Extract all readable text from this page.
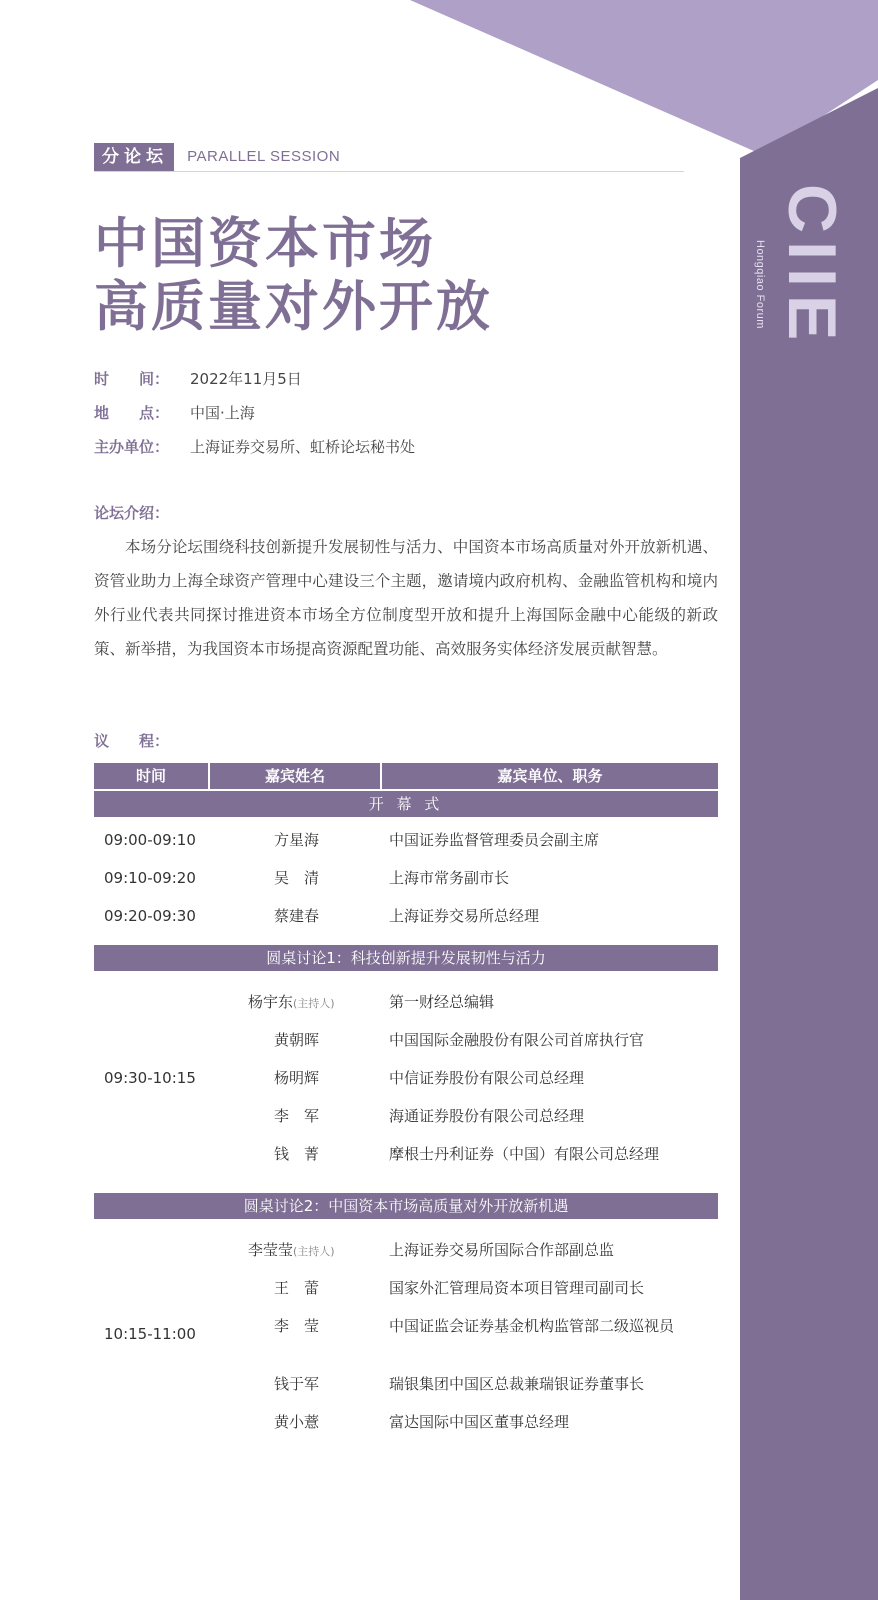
CIIE
Hongqiao Forum
分论坛 PARALLEL SESSION
中国资本市场
高质量对外开放
时　　间： 2022年11月5日
地　　点： 中国·上海
主办单位： 上海证券交易所、虹桥论坛秘书处
论坛介绍：
本场分论坛围绕科技创新提升发展韧性与活力、中国资本市场高质量对外开放新机遇、资管业助力上海全球资产管理中心建设三个主题，邀请境内政府机构、金融监管机构和境内外行业代表共同探讨推进资本市场全方位制度型开放和提升上海国际金融中心能级的新政策、新举措，为我国资本市场提高资源配置功能、高效服务实体经济发展贡献智慧。
议　　程：
时间	嘉宾姓名	嘉宾单位、职务
开 幕 式
09:00-09:10	方星海	中国证券监督管理委员会副主席
09:10-09:20	吴　清	上海市常务副市长
09:20-09:30	蔡建春	上海证券交易所总经理
圆桌讨论1：科技创新提升发展韧性与活力
09:30-10:15
杨宇东(主持人)	第一财经总编辑
黄朝晖	中国国际金融股份有限公司首席执行官
杨明辉	中信证券股份有限公司总经理
李　军	海通证券股份有限公司总经理
钱　菁	摩根士丹利证券（中国）有限公司总经理
圆桌讨论2：中国资本市场高质量对外开放新机遇
10:15-11:00
李莹莹(主持人)	上海证券交易所国际合作部副总监
王　蕾	国家外汇管理局资本项目管理司副司长
李　莹	中国证监会证券基金机构监管部二级巡视员
钱于军	瑞银集团中国区总裁兼瑞银证券董事长
黄小薏	富达国际中国区董事总经理
